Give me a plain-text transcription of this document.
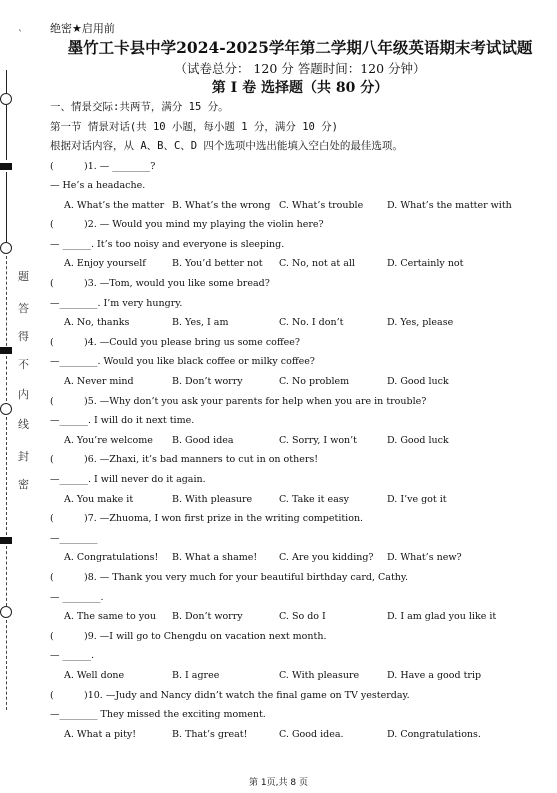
ˋ
题
答
得
不
内
线
封
密
绝密★启用前
墨竹工卡县中学2024-2025学年第二学期八年级英语期末考试试题
（试卷总分： 120 分 答题时间：120 分钟）
第 I 卷 选择题（共 80 分）
一、情景交际:共两节，满分 15 分。
第一节 情景对话(共 10 小题，每小题 1 分，满分 10 分)
根据对话内容，从 A、B、C、D 四个选项中选出能填入空白处的最佳选项。
(	)1. — ________?
— He’s a headache.
A. What’s the matter B. What’s the wrong C. What’s trouble	D. What’s the matter with
(	)2. — Would you mind my playing the violin here?
— ______. It’s too noisy and everyone is sleeping.
A. Enjoy yourself	B. You’d better not	C. No, not at all	D. Certainly not
(	)3. —Tom, would you like some bread?
—________. I’m very hungry.
A. No, thanks	B. Yes, I am	C. No. I don’t	D. Yes, please
(	)4. —Could you please bring us some coffee?
—________. Would you like black coffee or milky coffee?
A. Never mind	B. Don’t worry	C. No problem	D. Good luck
(	)5. —Why don’t you ask your parents for help when you are in trouble?
—______. I will do it next time.
A. You’re welcome	B. Good idea	C. Sorry, I won’t	D. Good luck
(	)6. —Zhaxi, it’s bad manners to cut in on others!
—______. I will never do it again.
A. You make it	B. With pleasure	C. Take it easy	D. I’ve got it
(	)7. —Zhuoma, I won first prize in the writing competition.
—________
A. Congratulations!	B. What a shame!	C. Are you kidding?	D. What’s new?
(	)8. — Thank you very much for your beautiful birthday card, Cathy.
— ________.
A. The same to you	B. Don’t worry	C. So do I	D. I am glad you like it
(	)9. —I will go to Chengdu on vacation next month.
— ______.
A. Well done	B. I agree	C. With pleasure	D. Have a good trip
(	)10. —Judy and Nancy didn’t watch the final game on TV yesterday.
—________ They missed the exciting moment.
A. What a pity!	B. That’s great!	C. Good idea.	D. Congratulations.
第 1页,共 8 页
